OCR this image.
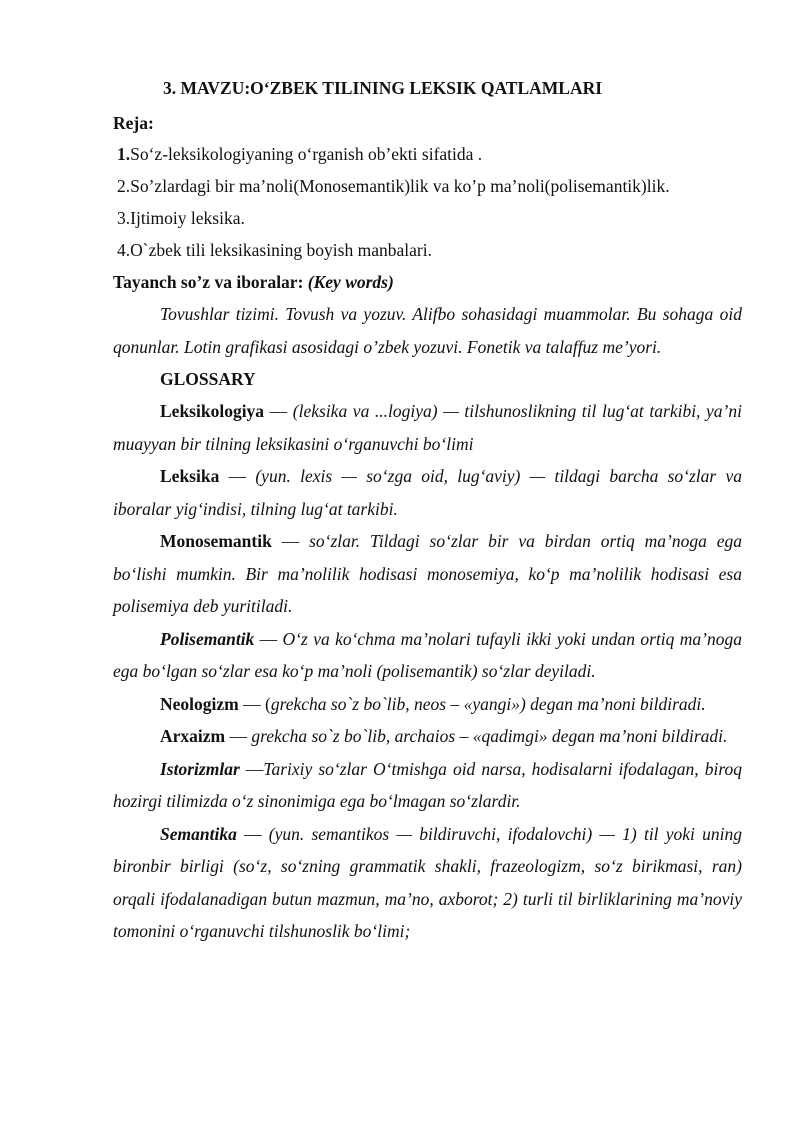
3. MAVZU:O‘ZBEK TILINING LEKSIK QATLAMLARI
Reja:
1.So‘z-leksikologiyaning o‘rganish ob’ekti sifatida .
2.So’zlardagi bir ma’noli(Monosemantik)lik va ko’p ma’noli(polisemantik)lik.
3.Ijtimoiy leksika.
4.O`zbek tili leksikasining boyish manbalari.
Tayanch so’z va iboralar: (Key words)

Tovushlar tizimi. Tovush va yozuv. Alifbo sohasidagi muammolar. Bu sohaga oid qonunlar. Lotin grafikasi asosidagi o’zbek yozuvi. Fonetik va talaffuz me’yori.

GLOSSARY

Leksikologiya — (leksika va ...logiya) — tilshunoslikning til lug‘at tarkibi, ya’ni muayyan bir tilning leksikasini o‘rganuvchi bo‘limi

Leksika — (yun. lexis — so‘zga oid, lug‘aviy) — tildagi barcha so‘zlar va iboralar yig‘indisi, tilning lug‘at tarkibi.

Monosemantik — so‘zlar. Tildagi so‘zlar bir va birdan ortiq ma’noga ega bo‘lishi mumkin. Bir ma’nolilik hodisasi monosemiya, ko‘p ma’nolilik hodisasi esa polisemiya deb yuritiladi.

Polisemantik — O‘z va ko‘chma ma’nolari tufayli ikki yoki undan ortiq ma’noga ega bo‘lgan so‘zlar esa ko‘p ma’noli (polisemantik) so‘zlar deyiladi.

Neologizm — (grekcha so`z bo`lib, neos – «yangi») degan ma’noni bildiradi.

Arxaizm — grekcha so`z bo`lib, archaios – «qadimgi» degan ma’noni bildiradi.

Istorizmlar —Tarixiy so‘zlar O‘tmishga oid narsa, hodisalarni ifodalagan, biroq hozirgi tilimizda o‘z sinonimiga ega bo‘lmagan so‘zlardir.

Semantika — (yun. semantikos — bildiruvchi, ifodalovchi) — 1) til yoki uning bironbir birligi (so‘z, so‘zning grammatik shakli, frazeologizm, so‘z birikmasi, ran) orqali ifodalanadigan butun mazmun, ma’no, axborot; 2) turli til birliklarining ma’noviy tomonini o‘rganuvchi tilshunoslik bo‘limi;
